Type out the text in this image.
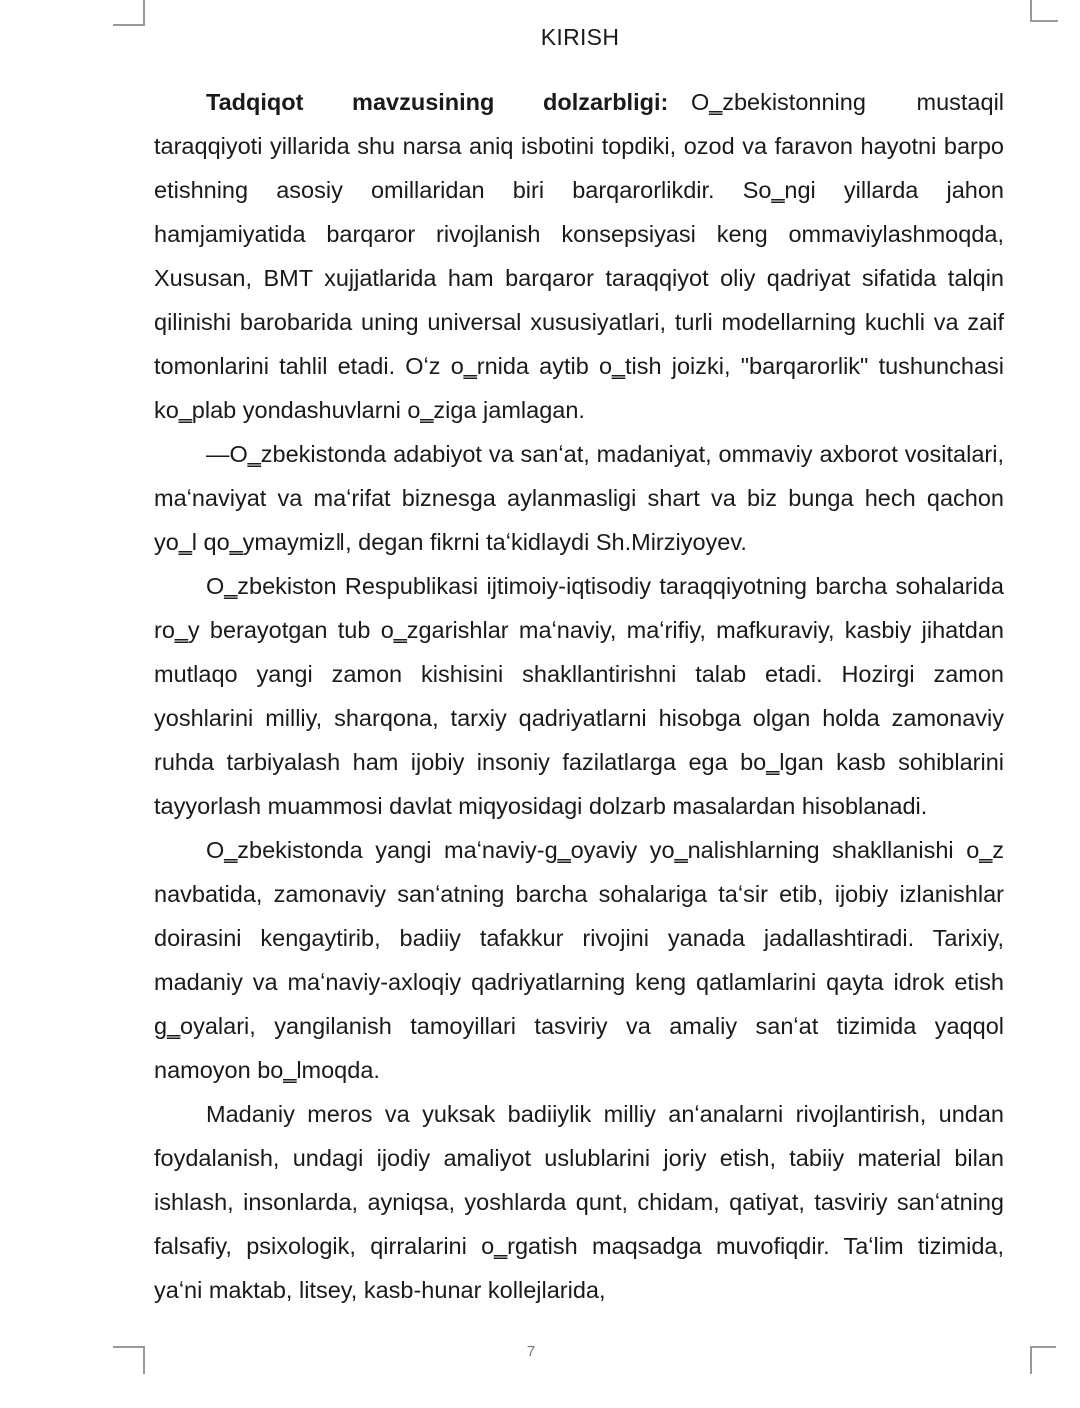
KIRISH

Tadqiqot mavzusining dolzarbligi: O‗zbekistonning mustaqil taraqqiyoti yillarida shu narsa aniq isbotini topdiki, ozod va faravon hayotni barpo etishning asosiy omillaridan biri barqarorlikdir. So‗ngi yillarda jahon hamjamiyatida barqaror rivojlanish konsepsiyasi keng ommaviylashmoqda, Xususan, BMT xujjatlarida ham barqaror taraqqiyot oliy qadriyat sifatida talqin qilinishi barobarida uning universal xususiyatlari, turli modellarning kuchli va zaif tomonlarini tahlil etadi. Oʻz o‗rnida aytib o‗tish joizki, "barqarorlik" tushunchasi ko‗plab yondashuvlarni o‗ziga jamlagan.

—O‗zbekistonda adabiyot va sanʻat, madaniyat, ommaviy axborot vositalari, maʻnaviyat va maʻrifat biznesga aylanmasligi shart va biz bunga hech qachon yo‗l qo‗ymaymiz‖, degan fikrni taʻkidlaydi Sh.Mirziyoyev.

O‗zbekiston Respublikasi ijtimoiy-iqtisodiy taraqqiyotning barcha sohalarida ro‗y berayotgan tub o‗zgarishlar maʻnaviy, maʻrifiy, mafkuraviy, kasbiy jihatdan mutlaqo yangi zamon kishisini shakllantirishni talab etadi. Hozirgi zamon yoshlarini milliy, sharqona, tarxiy qadriyatlarni hisobga olgan holda zamonaviy ruhda tarbiyalash ham ijobiy insoniy fazilatlarga ega bo‗lgan kasb sohiblarini tayyorlash muammosi davlat miqyosidagi dolzarb masalardan hisoblanadi.

O‗zbekistonda yangi maʻnaviy-g‗oyaviy yo‗nalishlarning shakllanishi o‗z navbatida, zamonaviy sanʻatning barcha sohalariga taʻsir etib, ijobiy izlanishlar doirasini kengaytirib, badiiy tafakkur rivojini yanada jadallashtiradi. Tarixiy, madaniy va maʻnaviy-axloqiy qadriyatlarning keng qatlamlarini qayta idrok etish g‗oyalari, yangilanish tamoyillari tasviriy va amaliy sanʻat tizimida yaqqol namoyon bo‗lmoqda.

Madaniy meros va yuksak badiiylik milliy anʻanalarni rivojlantirish, undan foydalanish, undagi ijodiy amaliyot uslublarini joriy etish, tabiiy material bilan ishlash, insonlarda, ayniqsa, yoshlarda qunt, chidam, qatiyat, tasviriy sanʻatning falsafiy, psixologik, qirralarini o‗rgatish maqsadga muvofiqdir. Taʻlim tizimida, yaʻni maktab, litsey, kasb-hunar kollejlarida,

7
